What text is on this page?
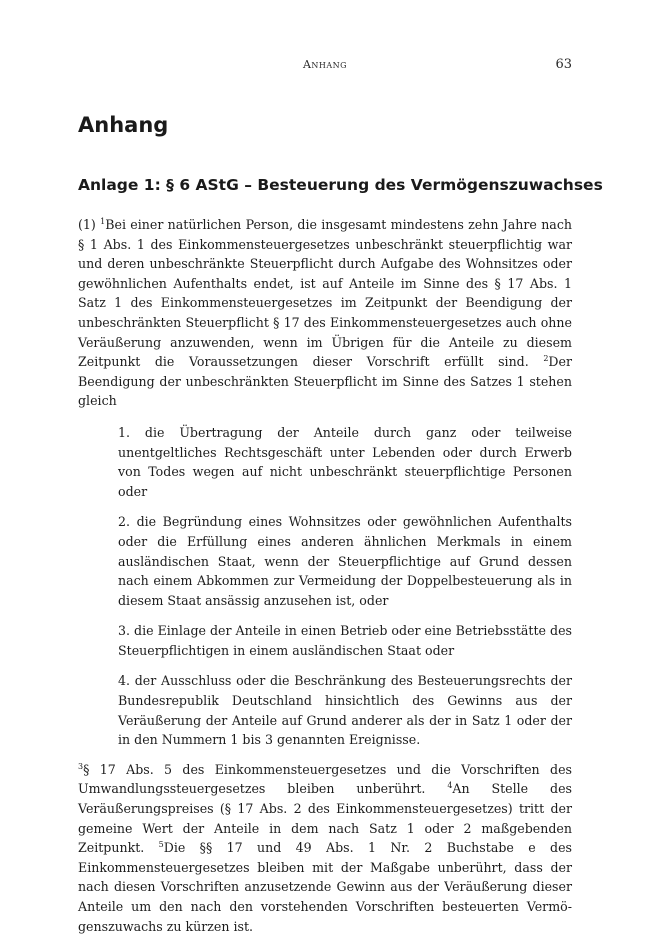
Anhang	63
Anhang
Anlage 1: § 6 AStG – Besteuerung des Vermögenszuwachses

(1) $^1$Bei einer natürlichen Person, die insgesamt mindestens zehn Jahre nach § 1 Abs. 1 des Einkommensteuergesetzes unbeschränkt steuerpflichtig war und deren unbeschränkte Steuerpflicht durch Aufgabe des Wohnsitzes oder gewöhnlichen Aufenthalts endet, ist auf Anteile im Sinne des § 17 Abs. 1 Satz 1 des Einkommensteuergesetzes im Zeitpunkt der Beendigung der unbeschränkten Steuerpflicht § 17 des Einkommensteuergesetzes auch ohne Veräußerung anzuwenden, wenn im Übrigen für die Anteile zu diesem Zeitpunkt die Voraussetzungen dieser Vorschrift erfüllt sind. $^2$Der Beendigung der unbeschränkten Steuerpflicht im Sinne des Satzes 1 stehen gleich

1. die Übertragung der Anteile durch ganz oder teilweise unentgeltliches Rechtsgeschäft unter Lebenden oder durch Erwerb von Todes wegen auf nicht unbeschränkt steuerpflichtige Personen oder
2. die Begründung eines Wohnsitzes oder gewöhnlichen Aufenthalts oder die Erfüllung eines anderen ähnlichen Merkmals in einem ausländischen Staat, wenn der Steuerpflichtige auf Grund dessen nach einem Abkommen zur Vermeidung der Doppelbesteuerung als in diesem Staat ansässig anzusehen ist, oder
3. die Einlage der Anteile in einen Betrieb oder eine Betriebsstätte des Steuerpflichtigen in einem ausländischen Staat oder
4. der Ausschluss oder die Beschränkung des Besteuerungsrechts der Bundesrepublik Deutschland hinsichtlich des Gewinns aus der Veräußerung der Anteile auf Grund anderer als der in Satz 1 oder der in den Nummern 1 bis 3 genannten Ereignisse.

$^3$§ 17 Abs. 5 des Einkommensteuergesetzes und die Vorschriften des Umwandlungssteuergesetzes bleiben unberührt.	$^4$An Stelle des Veräußerungspreises (§ 17 Abs. 2 des Einkommensteuergesetzes) tritt der gemeine Wert der Anteile in dem nach Satz 1 oder 2 maßgebenden Zeitpunkt. $^5$Die §§ 17 und 49 Abs. 1 Nr. 2 Buchstabe e des Einkommensteuergesetzes bleiben mit der Maßgabe unberührt, dass der nach diesen Vorschriften anzusetzende Gewinn aus der Veräußerung dieser Anteile um den nach den vorstehenden Vorschriften besteuerten Vermögenszuwachs zu kürzen ist.
